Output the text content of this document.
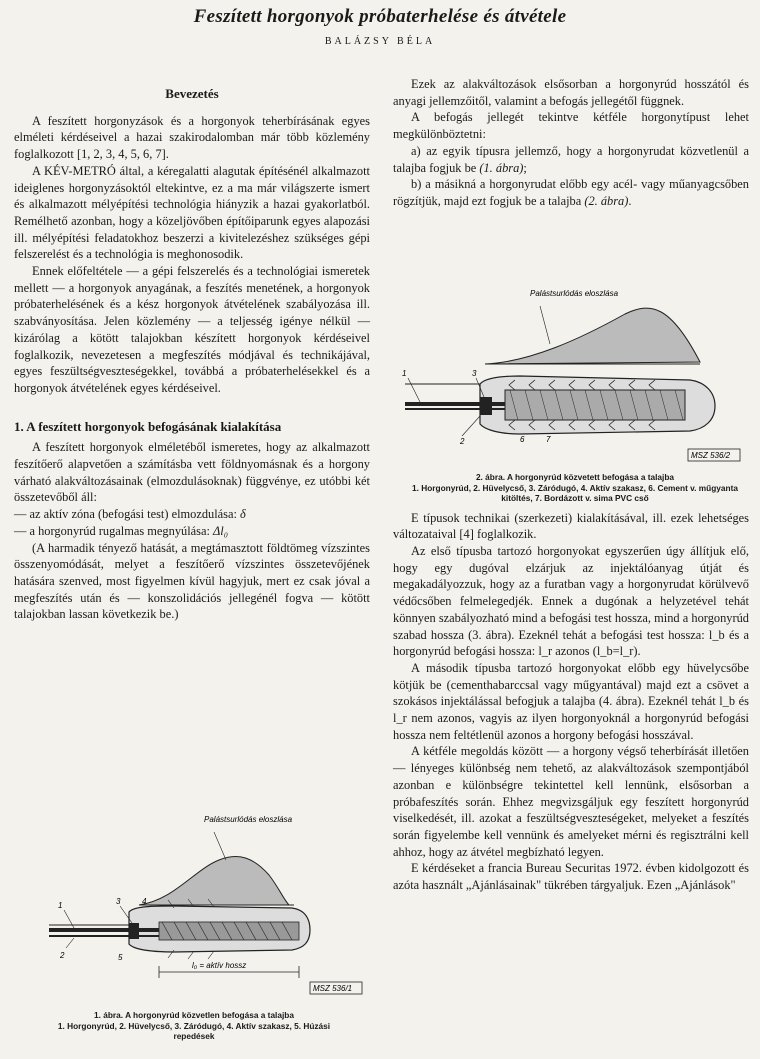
Feszített horgonyok próbaterhelése és átvétele
BALÁZSY BÉLA
Bevezetés

A feszített horgonyzások és a horgonyok teherbírásának egyes elméleti kérdéseivel a hazai szakirodalomban már több közlemény foglalkozott [1, 2, 3, 4, 5, 6, 7].

A KÉV-METRÓ által, a kéregalatti alagutak építésénél alkalmazott ideiglenes horgonyzásoktól eltekintve, ez a ma már világszerte ismert és alkalmazott mélyépítési technológia hiányzik a hazai gyakorlatból. Remélhető azonban, hogy a közeljövőben építőiparunk egyes alapozási ill. mélyépítési feladatokhoz beszerzi a kivitelezéshez szükséges gépi felszerelést és a technológia is meghonosodik.

Ennek előfeltétele — a gépi felszerelés és a technológiai ismeretek mellett — a horgonyok anyagának, a feszítés menetének, a horgonyok próbaterhelésének és a kész horgonyok átvételének szabályozása ill. szabványosítása. Jelen közlemény — a teljesség igénye nélkül — kizárólag a kötött talajokban készített horgonyok kérdéseivel foglalkozik, nevezetesen a megfeszítés módjával és technikájával, egyes feszültségveszteségekkel, továbbá a próbaterhelésekkel és a horgonyok átvételének egyes kérdéseivel.

1. A feszített horgonyok befogásának kialakítása

A feszített horgonyok elméletéből ismeretes, hogy az alkalmazott feszítőerő alapvetően a számításba vett földnyomásnak és a horgony várható alakváltozásainak (elmozdulásoknak) függvénye, ez utóbbi két összetevőből áll:

— az aktív zóna (befogási test) elmozdulása: δ

— a horgonyrúd rugalmas megnyúlása: Δl₀

(A harmadik tényező hatását, a megtámasztott földtömeg vízszintes összenyomódását, melyet a feszítőerő vízszintes összetevőjének hatására szenved, most figyelmen kívül hagyjuk, mert ez csak jóval a megfeszítés után és — konszolidációs jellegénél fogva — kötött talajokban lassan következik be.)

Palástsurlódás eloszlása
1
2
3	4
5
l₀ = aktív hossz
MSZ 536/1
1. ábra. A horgonyrúd közvetlen befogása a talajba
1. Horgonyrúd, 2. Hüvelycső, 3. Záródugó, 4. Aktív szakasz, 5. Húzási repedések

Ezek az alakváltozások elsősorban a horgonyrúd hosszától és anyagi jellemzőitől, valamint a befogás jellegétől függnek.

A befogás jellegét tekintve kétféle horgonytípust lehet megkülönböztetni:

a) az egyik típusra jellemző, hogy a horgonyrudat közvetlenül a talajba fogjuk be (1. ábra);

b) a másikná a horgonyrudat előbb egy acél- vagy műanyagcsőben rögzítjük, majd ezt fogjuk be a talajba (2. ábra).

E típusok technikai (szerkezeti) kialakításával, ill. ezek lehetséges változataival [4] foglalkozik.

Az első típusba tartozó horgonyokat egyszerűen úgy állítjuk elő, hogy egy dugóval elzárjuk az injektálóanyag útját és megakadályozzuk, hogy az a furatban vagy a horgonyrudat körülvevő védőcsőben felmelegedjék. Ennek a dugónak a helyzetével tehát könnyen szabályozható mind a befogási test hossza, mind a horgonyrúd szabad hossza (3. ábra). Ezeknél tehát a befogási test hossza: l_b és a horgonyrúd befogási hossza: l_r azonos (l_b=l_r).

A második típusba tartozó horgonyokat előbb egy hüvelycsőbe kötjük be (cementhabarccsal vagy műgyantával) majd ezt a csövet a szokásos injektálással befogjuk a talajba (4. ábra). Ezeknél tehát l_b és l_r nem azonos, vagyis az ilyen horgonyoknál a horgonyrúd befogási hossza nem feltétlenül azonos a horgony befogási hosszával.

A kétféle megoldás között — a horgony végső teherbírását illetően — lényeges különbség nem tehető, az alakváltozások szempontjából azonban e különbségre tekintettel kell lennünk, elsősorban a próbafeszítés során. Ehhez megvizsgáljuk egy feszített horgonyrúd viselkedését, ill. azokat a feszültségveszteségeket, melyeket a feszítés során figyelembe kell vennünk és amelyeket mérni és regisztrálni kell ahhoz, hogy az átvétel megbízható legyen.

E kérdéseket a francia Bureau Securitas 1972. évben kidolgozott és azóta használt „Ajánlásainak" tükrében tárgyaljuk. Ezen „Ajánlások"

Palástsurlódás eloszlása
1
2
3
6	7
MSZ 536/2
2. ábra. A horgonyrúd közvetett befogása a talajba
1. Horgonyrúd, 2. Hüvelycső, 3. Záródugó, 4. Aktív szakasz, 6. Cement v. műgyanta kitöltés, 7. Bordázott v. sima PVC cső
